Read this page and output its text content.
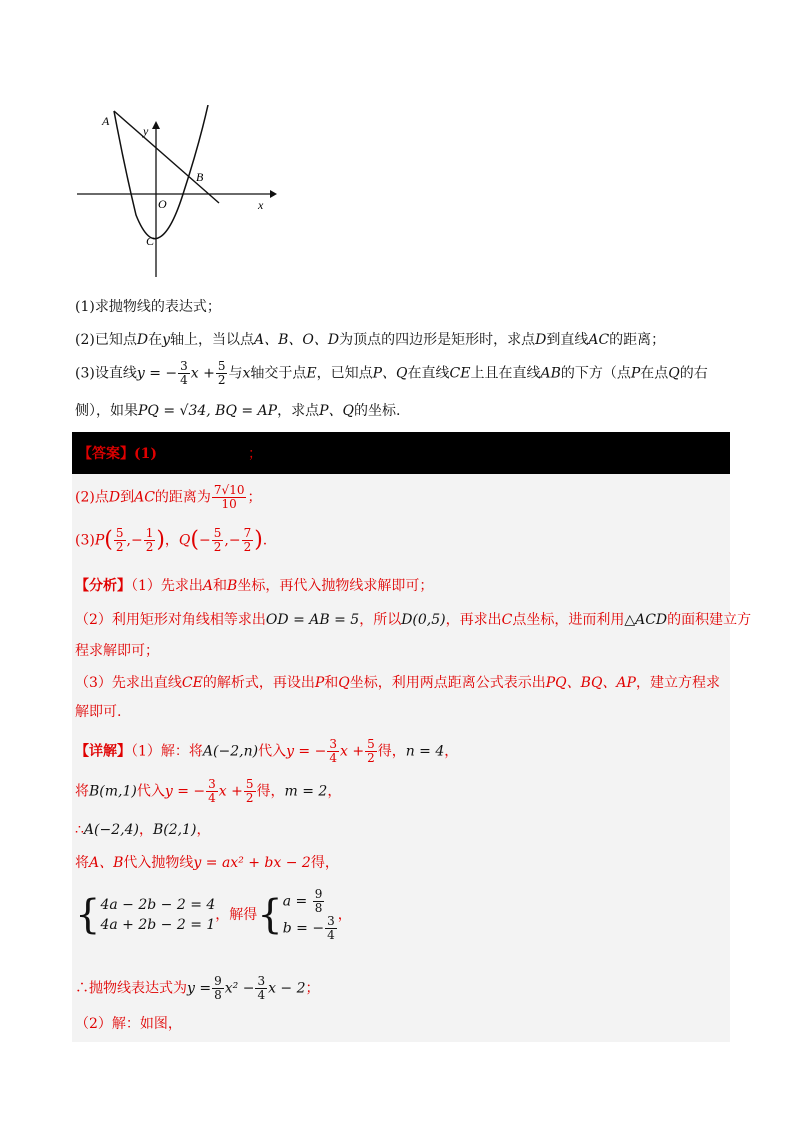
A
y
B
O	x
C
(1)求抛物线的表达式；
(2)已知点D在y轴上，当以点A、B、O、D为顶点的四边形是矩形时，求点D到直线AC的距离；
(3)设直线y = − $\frac{3}{4}$ $x + \frac{5}{2}$ 与x轴交于点E，已知点P、Q在直线CE上且在直线AB的下方（点P在点Q的右
侧），如果PQ = √34, BQ = AP，求点P、Q的坐标.
【答案】(1)	；
(2)点D到AC的距离为 $\frac{7√10}{10}$ ；
$(3)P( \frac{5}{2}$ ,− $\frac{1}{2}$ )，$Q(- \frac{5}{2}$ ,− $\frac{7}{2}$ ).
【分析】（1）先求出A和B坐标，再代入抛物线求解即可；
（2）利用矩形对角线相等求出OD = AB = 5，所以D(0,5)，再求出C点坐标，进而利用△ACD的面积建立方
程求解即可；
（3）先求出直线CE的解析式，再设出P和Q坐标，利用两点距离公式表示出PQ、BQ、AP，建立方程求
解即可.
【详解】（1）解：将A(−2,n)代入y = − $\frac{3}{4}$ $x + \frac{5}{2}$ 得，n = 4，
将B(m,1)代入y = − $\frac{3}{4}$ $x + \frac{5}{2}$ 得，m = 2，
∴A(−2,4)，B(2,1)，
将A、B代入抛物线y = ax² + bx − 2得，
{4a − 2b − 2 = 4
4a + 2b − 2 = 1，解得{$a = \frac{9}{8}$

b = − $\frac{3}{4}$ ，
∴抛物线表达式为$y = \frac{9}{8} x^2 - \frac{3}{4}$ x − 2；
（2）解：如图，
